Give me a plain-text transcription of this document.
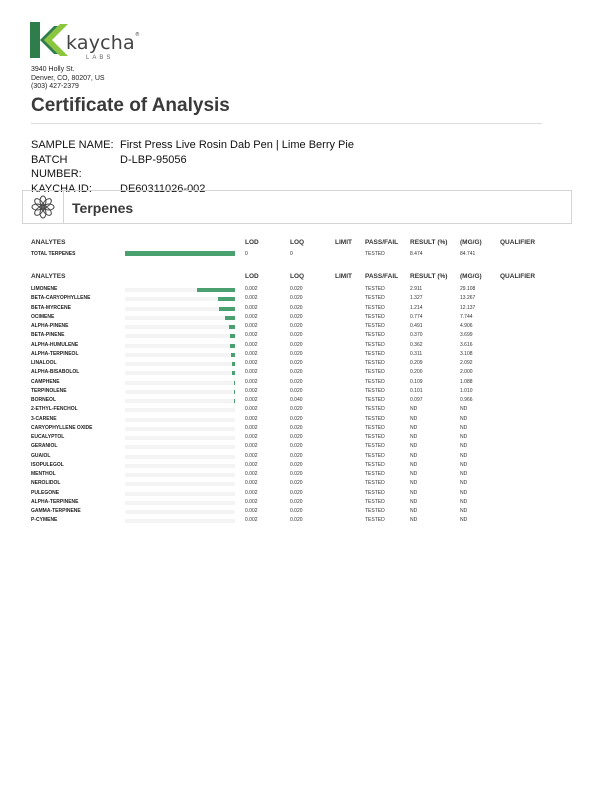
kaycha®
LABS
3940 Holly St.
Denver, CO, 80207, US
(303) 427-2379
Certificate of Analysis
SAMPLE NAME: First Press Live Rosin Dab Pen | Lime Berry Pie
BATCH NUMBER:
D-LBP-95056
KAYCHA ID:	DE60311026-002
Terpenes
ANALYTES	LOD	LOQ	LIMIT PASS/FAIL RESULT (%) (MG/G)	QUALIFIER
TOTAL TERPENES	0	0	TESTED	8.474	84.741
ANALYTES	LOD	LOQ	LIMIT PASS/FAIL RESULT (%) (MG/G)	QUALIFIER
LIMONENE	0.002	0.020	TESTED	2.911	29.108
BETA-CARYOPHYLLENE	0.002	0.020	TESTED	1.327	13.267
BETA-MYRCENE	0.002	0.020	TESTED	1.214	12.137
OCIMENE	0.002	0.020	TESTED	0.774	7.744
ALPHA-PINENE	0.002	0.020	TESTED	0.491	4.906
BETA-PINENE	0.002	0.020	TESTED	0.370	3.699
ALPHA-HUMULENE	0.002	0.020	TESTED	0.362	3.616
ALPHA-TERPINEOL	0.002	0.020	TESTED	0.311	3.108
LINALOOL	0.002	0.020	TESTED	0.209	2.092
ALPHA-BISABOLOL	0.002	0.020	TESTED	0.200	2.000
CAMPHENE	0.002	0.020	TESTED	0.109	1.088
TERPINOLENE	0.002	0.020	TESTED	0.101	1.010
BORNEOL	0.002	0.040	TESTED	0.097	0.966
2-ETHYL-FENCHOL	0.002	0.020	TESTED	ND	ND
3-CARENE	0.002	0.020	TESTED	ND	ND
CARYOPHYLLENE OXIDE	0.002	0.020	TESTED	ND	ND
EUCALYPTOL	0.002	0.020	TESTED	ND	ND
GERANIOL	0.002	0.020	TESTED	ND	ND
GUAIOL	0.002	0.020	TESTED	ND	ND
ISOPULEGOL	0.002	0.020	TESTED	ND	ND
MENTHOL	0.002	0.020	TESTED	ND	ND
NEROLIDOL	0.002	0.020	TESTED	ND	ND
PULEGONE	0.002	0.020	TESTED	ND	ND
ALPHA-TERPINENE	0.002	0.020	TESTED	ND	ND
GAMMA-TERPINENE	0.002	0.020	TESTED	ND	ND
P-CYMENE	0.002	0.020	TESTED	ND	ND
